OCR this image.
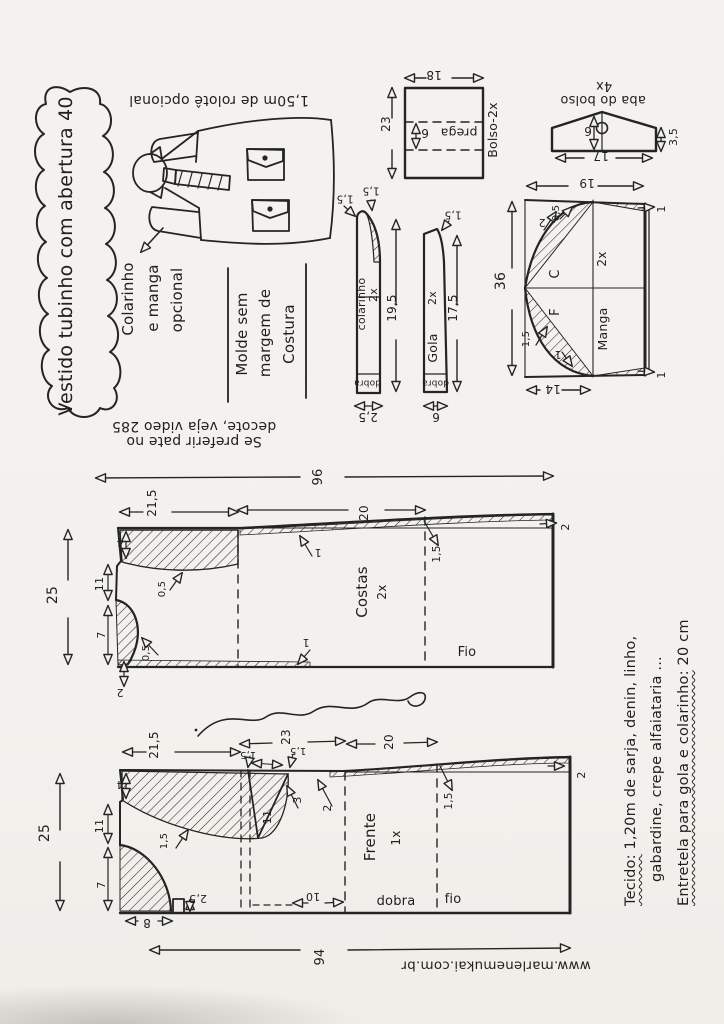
Vestido tubinho com abertura 40	1,50m de rolotê opcional
Colarinho e manga opcional	Molde sem margem de Costura
18
23
6 prega Bolso-2x
4x
aba do bolso
6
17
3,5
1,5
1,5
colarinho 2x 19,5
dobra
2,5
1,5
2x
Gola
17,5
dobra
6
19
36
14
2
0,5
1,5
1
C
F
2x
Manga
1
1
Se preferir pate no
decote, veja video 285
96
21,5	20
25
4
11
7
2
0,5
0,5
1
1
1,5
2
Costas 2x
Fio
94
21,5	23	20
25
4
11
7
1,5
1,5	1,5
11
3
2	1,5
2
2,5
8
10	dobra	fio
Frente 1x
www.marlenemukai.com.br
Tecido: 1,20m de sarja, denin, linho, gabardine, crepe alfaiataria ... Entretela para gola e colarinho: 20 cm
